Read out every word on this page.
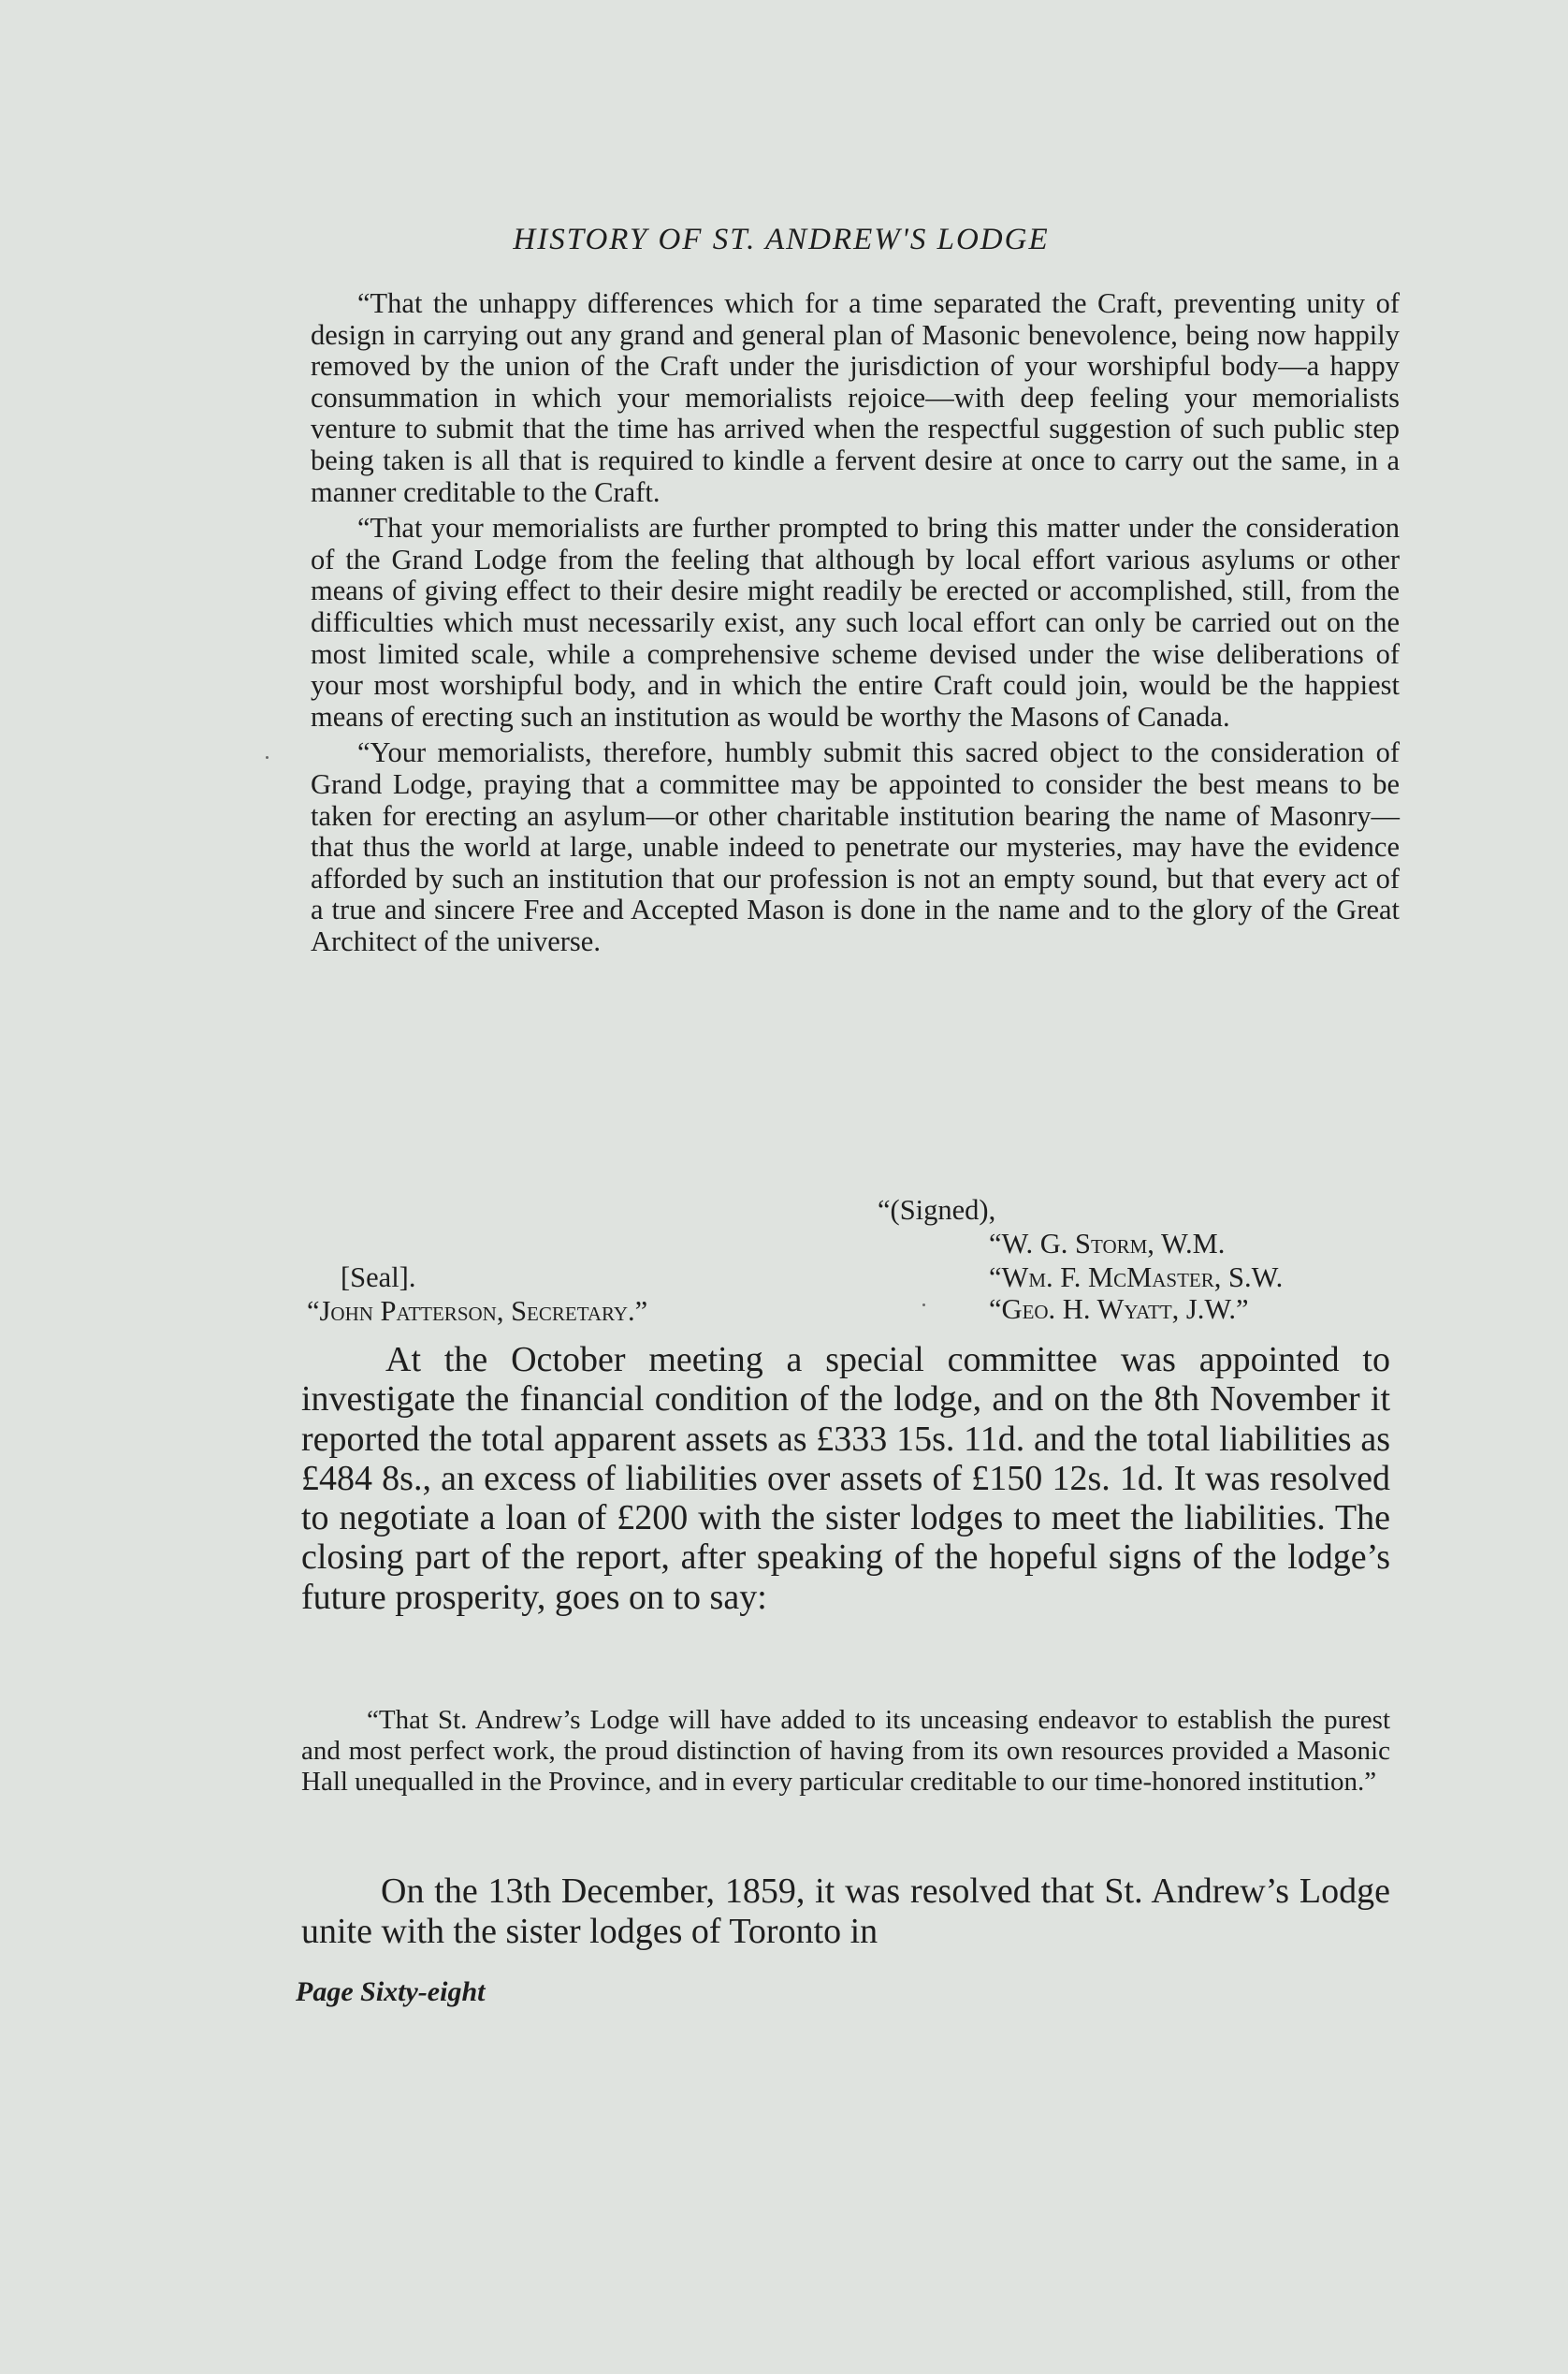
HISTORY OF ST. ANDREW'S LODGE

“That the unhappy differences which for a time separated the Craft, preventing unity of design in carrying out any grand and general plan of Masonic benevolence, being now happily removed by the union of the Craft under the jurisdiction of your worshipful body—a happy consummation in which your memorialists rejoice—with deep feeling your memorialists venture to submit that the time has arrived when the respectful suggestion of such public step being taken is all that is required to kindle a fervent desire at once to carry out the same, in a manner creditable to the Craft.

“That your memorialists are further prompted to bring this matter under the consideration of the Grand Lodge from the feeling that although by local effort various asylums or other means of giving effect to their desire might readily be erected or accomplished, still, from the difficulties which must necessarily exist, any such local effort can only be carried out on the most limited scale, while a comprehensive scheme devised under the wise deliberations of your most worshipful body, and in which the entire Craft could join, would be the happiest means of erecting such an institution as would be worthy the Masons of Canada.

“Your memorialists, therefore, humbly submit this sacred object to the consideration of Grand Lodge, praying that a committee may be appointed to consider the best means to be taken for erecting an asylum—or other charitable institution bearing the name of Masonry—that thus the world at large, unable indeed to penetrate our mysteries, may have the evidence afforded by such an institution that our profession is not an empty sound, but that every act of a true and sincere Free and Accepted Mason is done in the name and to the glory of the Great Architect of the universe.

“(Signed),
“W. G. Storm, W.M.
[Seal].	“Wm. F. McMaster, S.W.
“Geo. H. Wyatt, J.W.”
“John Patterson, Secretary.”

At the October meeting a special committee was appointed to investigate the financial condition of the lodge, and on the 8th November it reported the total apparent assets as £333 15s. 11d. and the total liabilities as £484 8s., an excess of liabilities over assets of £150 12s. 1d. It was resolved to negotiate a loan of £200 with the sister lodges to meet the liabilities. The closing part of the report, after speaking of the hopeful signs of the lodge’s future prosperity, goes on to say:

“That St. Andrew’s Lodge will have added to its unceasing endeavor to establish the purest and most perfect work, the proud distinction of having from its own resources provided a Masonic Hall unequalled in the Province, and in every particular creditable to our time-honored institution.”

On the 13th December, 1859, it was resolved that St. Andrew’s Lodge unite with the sister lodges of Toronto in

Page Sixty-eight
